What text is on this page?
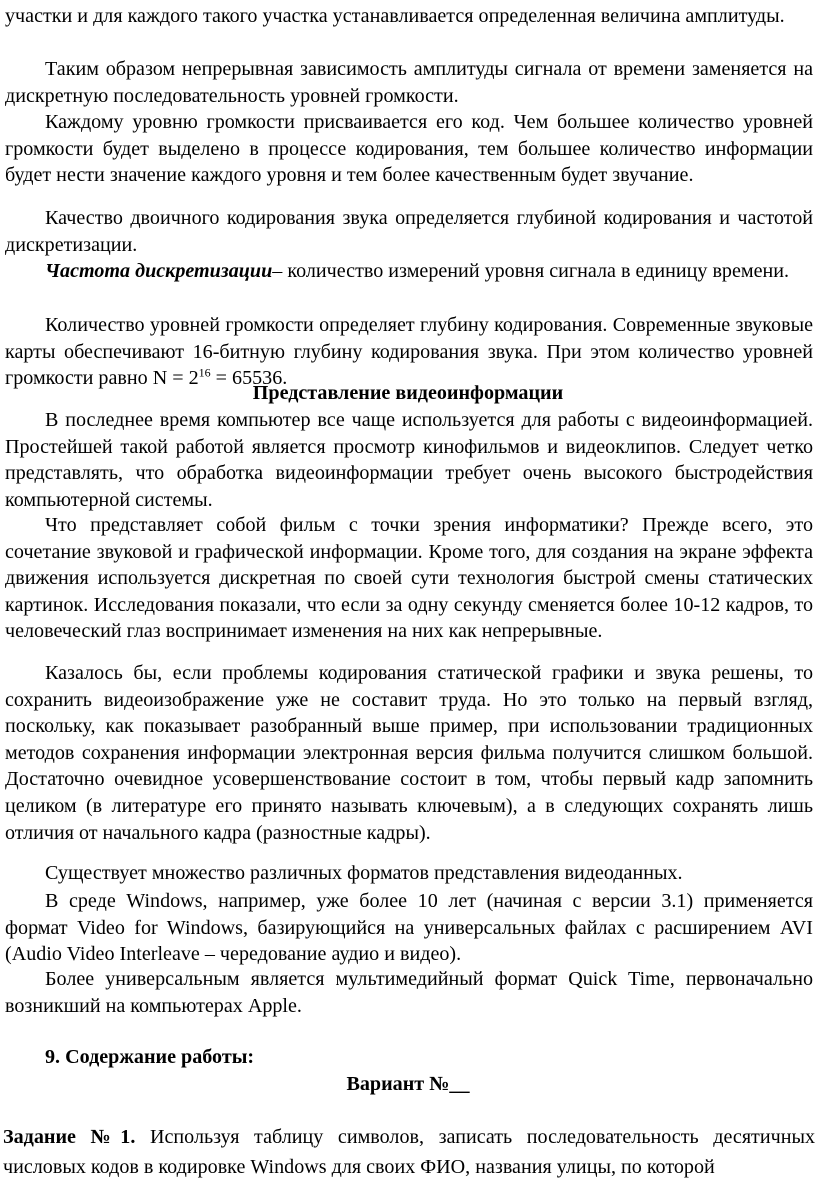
участки и для каждого такого участка устанавливается определенная величина амплитуды.

Таким образом непрерывная зависимость амплитуды сигнала от времени заменяется на дискретную последовательность уровней громкости.

Каждому уровню громкости присваивается его код. Чем большее количество уровней громкости будет выделено в процессе кодирования, тем большее количество информации будет нести значение каждого уровня и тем более качественным будет звучание.

Качество двоичного кодирования звука определяется глубиной кодирования и частотой дискретизации.

Частота дискретизации– количество измерений уровня сигнала в единицу времени.

Количество уровней громкости определяет глубину кодирования. Современные звуковые карты обеспечивают 16-битную глубину кодирования звука. При этом количество уровней громкости равно $N = 2^{16} = 65536$.

Представление видеоинформации

В последнее время компьютер все чаще используется для работы с видеоинформацией. Простейшей такой работой является просмотр кинофильмов и видеоклипов. Следует четко представлять, что обработка видеоинформации требует очень высокого быстродействия компьютерной системы.

Что представляет собой фильм с точки зрения информатики? Прежде всего, это сочетание звуковой и графической информации. Кроме того, для создания на экране эффекта движения используется дискретная по своей сути технология быстрой смены статических картинок. Исследования показали, что если за одну секунду сменяется более 10-12 кадров, то человеческий глаз воспринимает изменения на них как непрерывные.

Казалось бы, если проблемы кодирования статической графики и звука решены, то сохранить видеоизображение уже не составит труда. Но это только на первый взгляд, поскольку, как показывает разобранный выше пример, при использовании традиционных методов сохранения информации электронная версия фильма получится слишком большой. Достаточно очевидное усовершенствование состоит в том, чтобы первый кадр запомнить целиком (в литературе его принято называть ключевым), а в следующих сохранять лишь отличия от начального кадра (разностные кадры).

Существует множество различных форматов представления видеоданных.

В среде Windows, например, уже более 10 лет (начиная с версии 3.1) применяется формат Video for Windows, базирующийся на универсальных файлах с расширением AVI (Audio Video Interleave – чередование аудио и видео).

Более универсальным является мультимедийный формат Quick Time, первоначально возникший на компьютерах Apple.

9. Содержание работы:
Вариант №__

Задание №1. Используя таблицу символов, записать последовательность десятичных числовых кодов в кодировке Windows для своих ФИО, названия улицы, по которой
